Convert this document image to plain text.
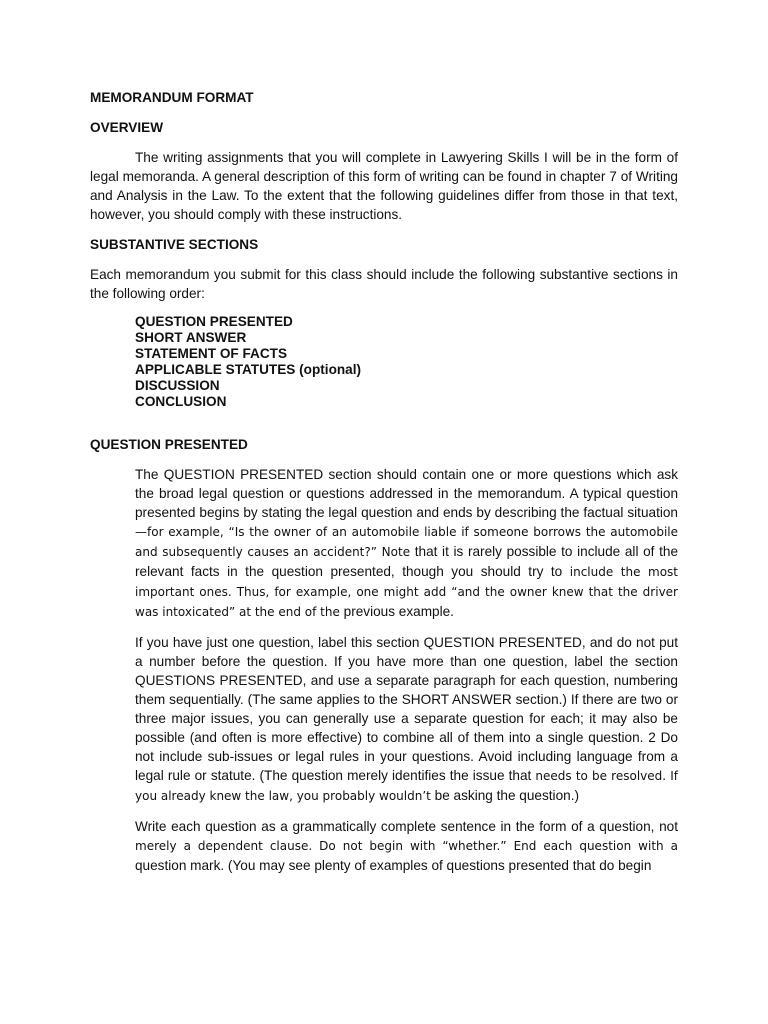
MEMORANDUM FORMAT
OVERVIEW

The writing assignments that you will complete in Lawyering Skills I will be in the form of legal memoranda. A general description of this form of writing can be found in chapter 7 of Writing and Analysis in the Law. To the extent that the following guidelines differ from those in that text, however, you should comply with these instructions.

SUBSTANTIVE SECTIONS

Each memorandum you submit for this class should include the following substantive sections in the following order:

QUESTION PRESENTED
SHORT ANSWER
STATEMENT OF FACTS
APPLICABLE STATUTES (optional)
DISCUSSION
CONCLUSION
QUESTION PRESENTED

The QUESTION PRESENTED section should contain one or more questions which ask the broad legal question or questions addressed in the memorandum. A typical question presented begins by stating the legal question and ends by describing the factual situation—for example, “Is the owner of an automobile liable if someone borrows the automobile and subsequently causes an accident?” Note that it is rarely possible to include all of the relevant facts in the question presented, though you should try to include the most important ones. Thus, for example, one might add “and the owner knew that the driver was intoxicated” at the end of the previous example.

If you have just one question, label this section QUESTION PRESENTED, and do not put a number before the question. If you have more than one question, label the section QUESTIONS PRESENTED, and use a separate paragraph for each question, numbering them sequentially. (The same applies to the SHORT ANSWER section.) If there are two or three major issues, you can generally use a separate question for each; it may also be possible (and often is more effective) to combine all of them into a single question. 2 Do not include sub-issues or legal rules in your questions. Avoid including language from a legal rule or statute. (The question merely identifies the issue that needs to be resolved. If you already knew the law, you probably wouldn’t be asking the question.)

Write each question as a grammatically complete sentence in the form of a question, not merely a dependent clause. Do not begin with “whether.” End each question with a question mark. (You may see plenty of examples of questions presented that do begin
